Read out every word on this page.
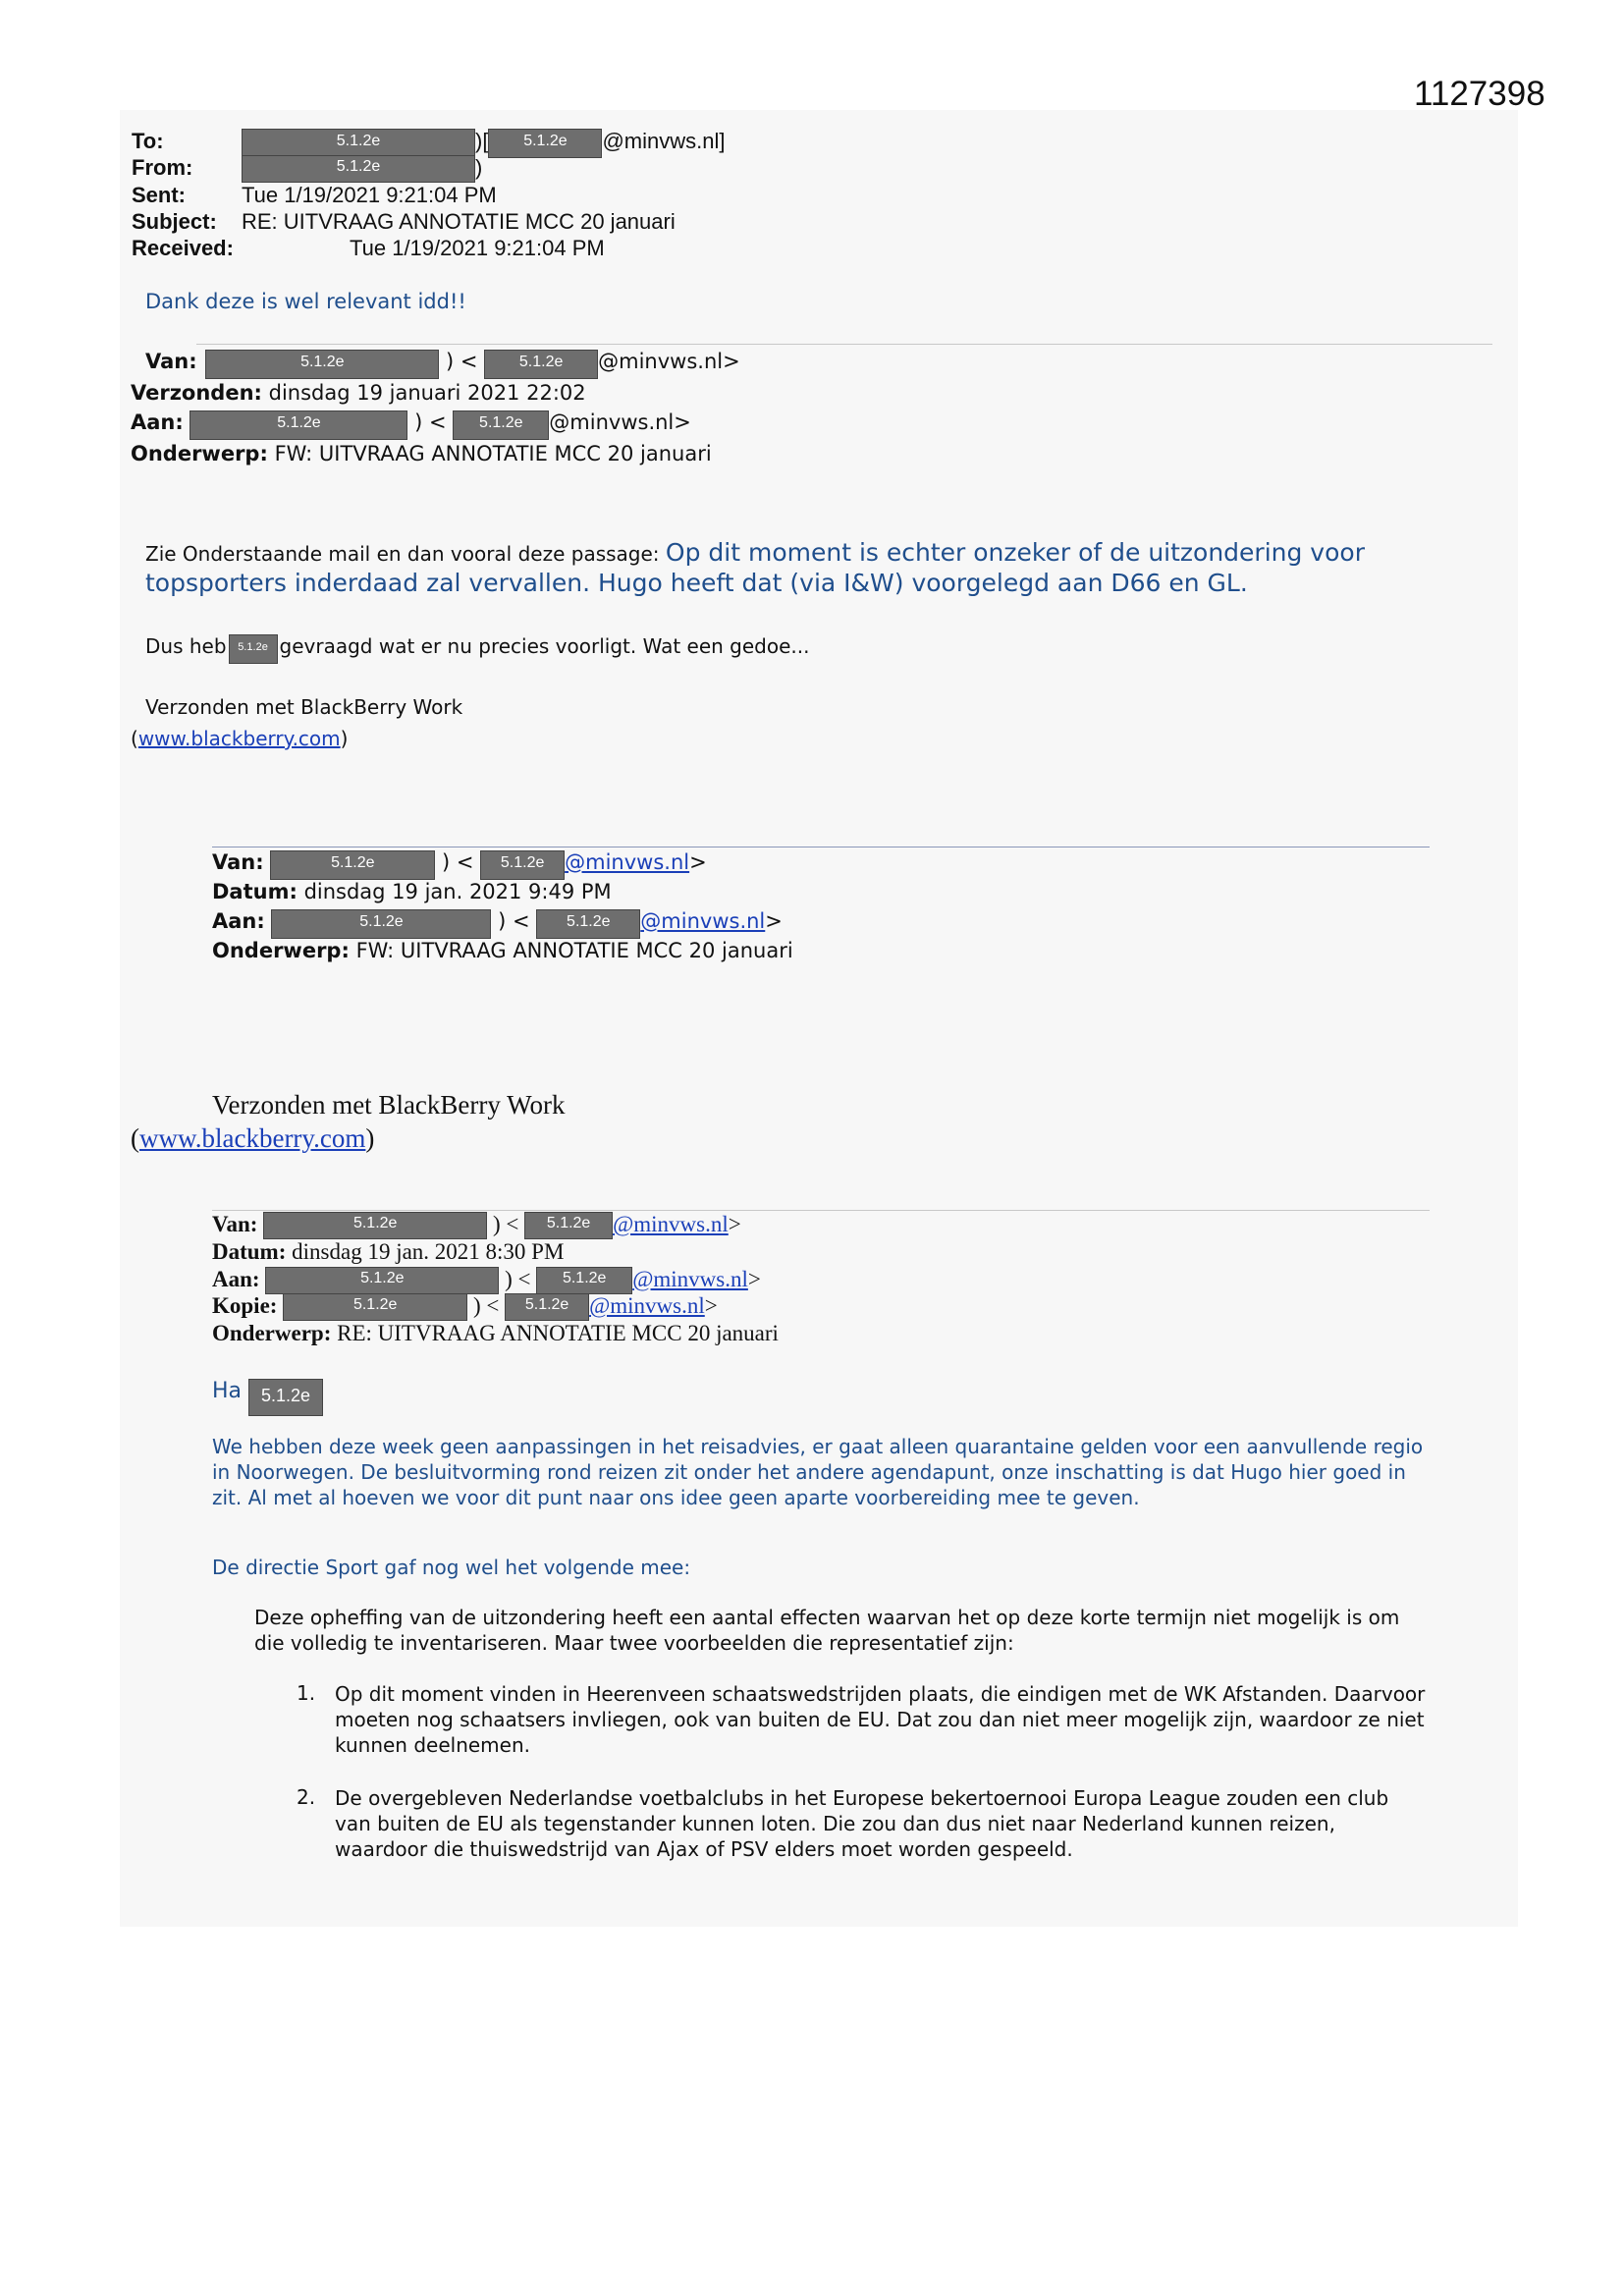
1127398
To:	5.1.2e	)[ 5.1.2e @minvws.nl]
From:	5.1.2e	)
Sent:	Tue 1/19/2021 9:21:04 PM
Subject: RE: UITVRAAG ANNOTATIE MCC 20 januari
Received:	Tue 1/19/2021 9:21:04 PM
Dank deze is wel relevant idd!!
Van:	5.1.2e	) < 5.1.2e @minvws.nl>
Verzonden: dinsdag 19 januari 2021 22:02
Aan:	5.1.2e	) < 5.1.2e @minvws.nl>
Onderwerp: FW: UITVRAAG ANNOTATIE MCC 20 januari
Zie Onderstaande mail en dan vooral deze passage: Op dit moment is echter onzeker of de uitzondering voor
topsporters inderdaad zal vervallen. Hugo heeft dat (via I&W) voorgelegd aan D66 en GL.
Dus heb 5.1.2e gevraagd wat er nu precies voorligt. Wat een gedoe...
Verzonden met BlackBerry Work
(www.blackberry.com)
Van:	5.1.2e	) < 5.1.2e @minvws.nl>
Datum: dinsdag 19 jan. 2021 9:49 PM
Aan:	5.1.2e	) < 5.1.2e @minvws.nl>
Onderwerp: FW: UITVRAAG ANNOTATIE MCC 20 januari
Verzonden met BlackBerry Work
(www.blackberry.com)
Van:	5.1.2e	) < 5.1.2e @minvws.nl>
Datum: dinsdag 19 jan. 2021 8:30 PM
Aan:	5.1.2e	) < 5.1.2e @minvws.nl>
Kopie:	5.1.2e	) < 5.1.2e @minvws.nl>
Onderwerp: RE: UITVRAAG ANNOTATIE MCC 20 januari
Ha 5.1.2e
We hebben deze week geen aanpassingen in het reisadvies, er gaat alleen quarantaine gelden voor een aanvullende regio in Noorwegen. De besluitvorming rond reizen zit onder het andere agendapunt, onze inschatting is dat Hugo hier goed in zit. Al met al hoeven we voor dit punt naar ons idee geen aparte voorbereiding mee te geven.
De directie Sport gaf nog wel het volgende mee:
Deze opheffing van de uitzondering heeft een aantal effecten waarvan het op deze korte termijn niet mogelijk is om die volledig te inventariseren. Maar twee voorbeelden die representatief zijn:
1. Op dit moment vinden in Heerenveen schaatswedstrijden plaats, die eindigen met de WK Afstanden. Daarvoor moeten nog schaatsers invliegen, ook van buiten de EU. Dat zou dan niet meer mogelijk zijn, waardoor ze niet kunnen deelnemen.
2. De overgebleven Nederlandse voetbalclubs in het Europese bekertoernooi Europa League zouden een club van buiten de EU als tegenstander kunnen loten. Die zou dan dus niet naar Nederland kunnen reizen, waardoor die thuiswedstrijd van Ajax of PSV elders moet worden gespeeld.
